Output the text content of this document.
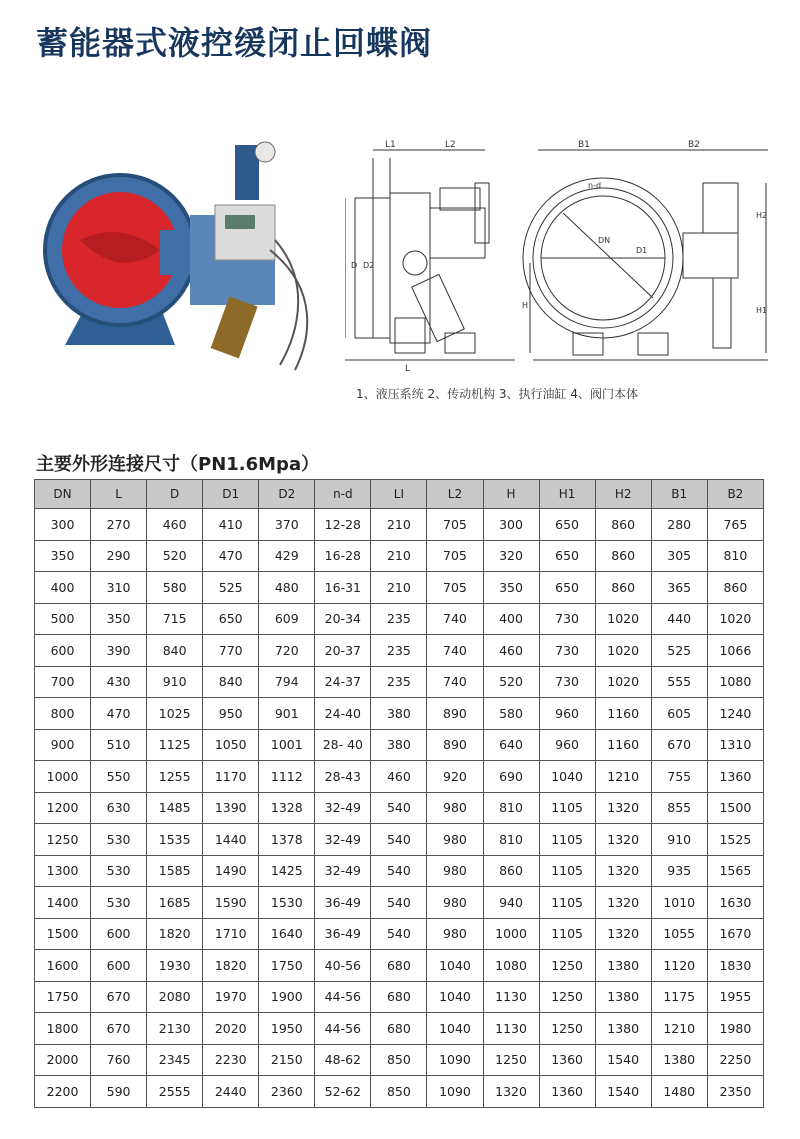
蓄能器式液控缓闭止回蝶阀
L1	L2
D D2
L
B1	B2
n-d
DN
D1
H
H2
H1
1、液压系统 2、传动机构 3、执行油缸 4、阀门本体
主要外形连接尺寸（PN1.6Mpa）
DN	L	D	D1	D2	n-d	LI	L2	H	H1	H2	B1	B2
300	270	460	410	370	12-28	210	705	300	650	860	280	765
350	290	520	470	429	16-28	210	705	320	650	860	305	810
400	310	580	525	480	16-31	210	705	350	650	860	365	860
500	350	715	650	609	20-34	235	740	400	730	1020	440	1020
600	390	840	770	720	20-37	235	740	460	730	1020	525	1066
700	430	910	840	794	24-37	235	740	520	730	1020	555	1080
800	470	1025	950	901	24-40	380	890	580	960	1160	605	1240
900	510	1125	1050	1001	28- 40	380	890	640	960	1160	670	1310
1000	550	1255	1170	1112	28-43	460	920	690	1040	1210	755	1360
1200	630	1485	1390	1328	32-49	540	980	810	1105	1320	855	1500
1250	530	1535	1440	1378	32-49	540	980	810	1105	1320	910	1525
1300	530	1585	1490	1425	32-49	540	980	860	1105	1320	935	1565
1400	530	1685	1590	1530	36-49	540	980	940	1105	1320	1010	1630
1500	600	1820	1710	1640	36-49	540	980	1000	1105	1320	1055	1670
1600	600	1930	1820	1750	40-56	680	1040	1080	1250	1380	1120	1830
1750	670	2080	1970	1900	44-56	680	1040	1130	1250	1380	1175	1955
1800	670	2130	2020	1950	44-56	680	1040	1130	1250	1380	1210	1980
2000	760	2345	2230	2150	48-62	850	1090	1250	1360	1540	1380	2250
2200	590	2555	2440	2360	52-62	850	1090	1320	1360	1540	1480	2350
